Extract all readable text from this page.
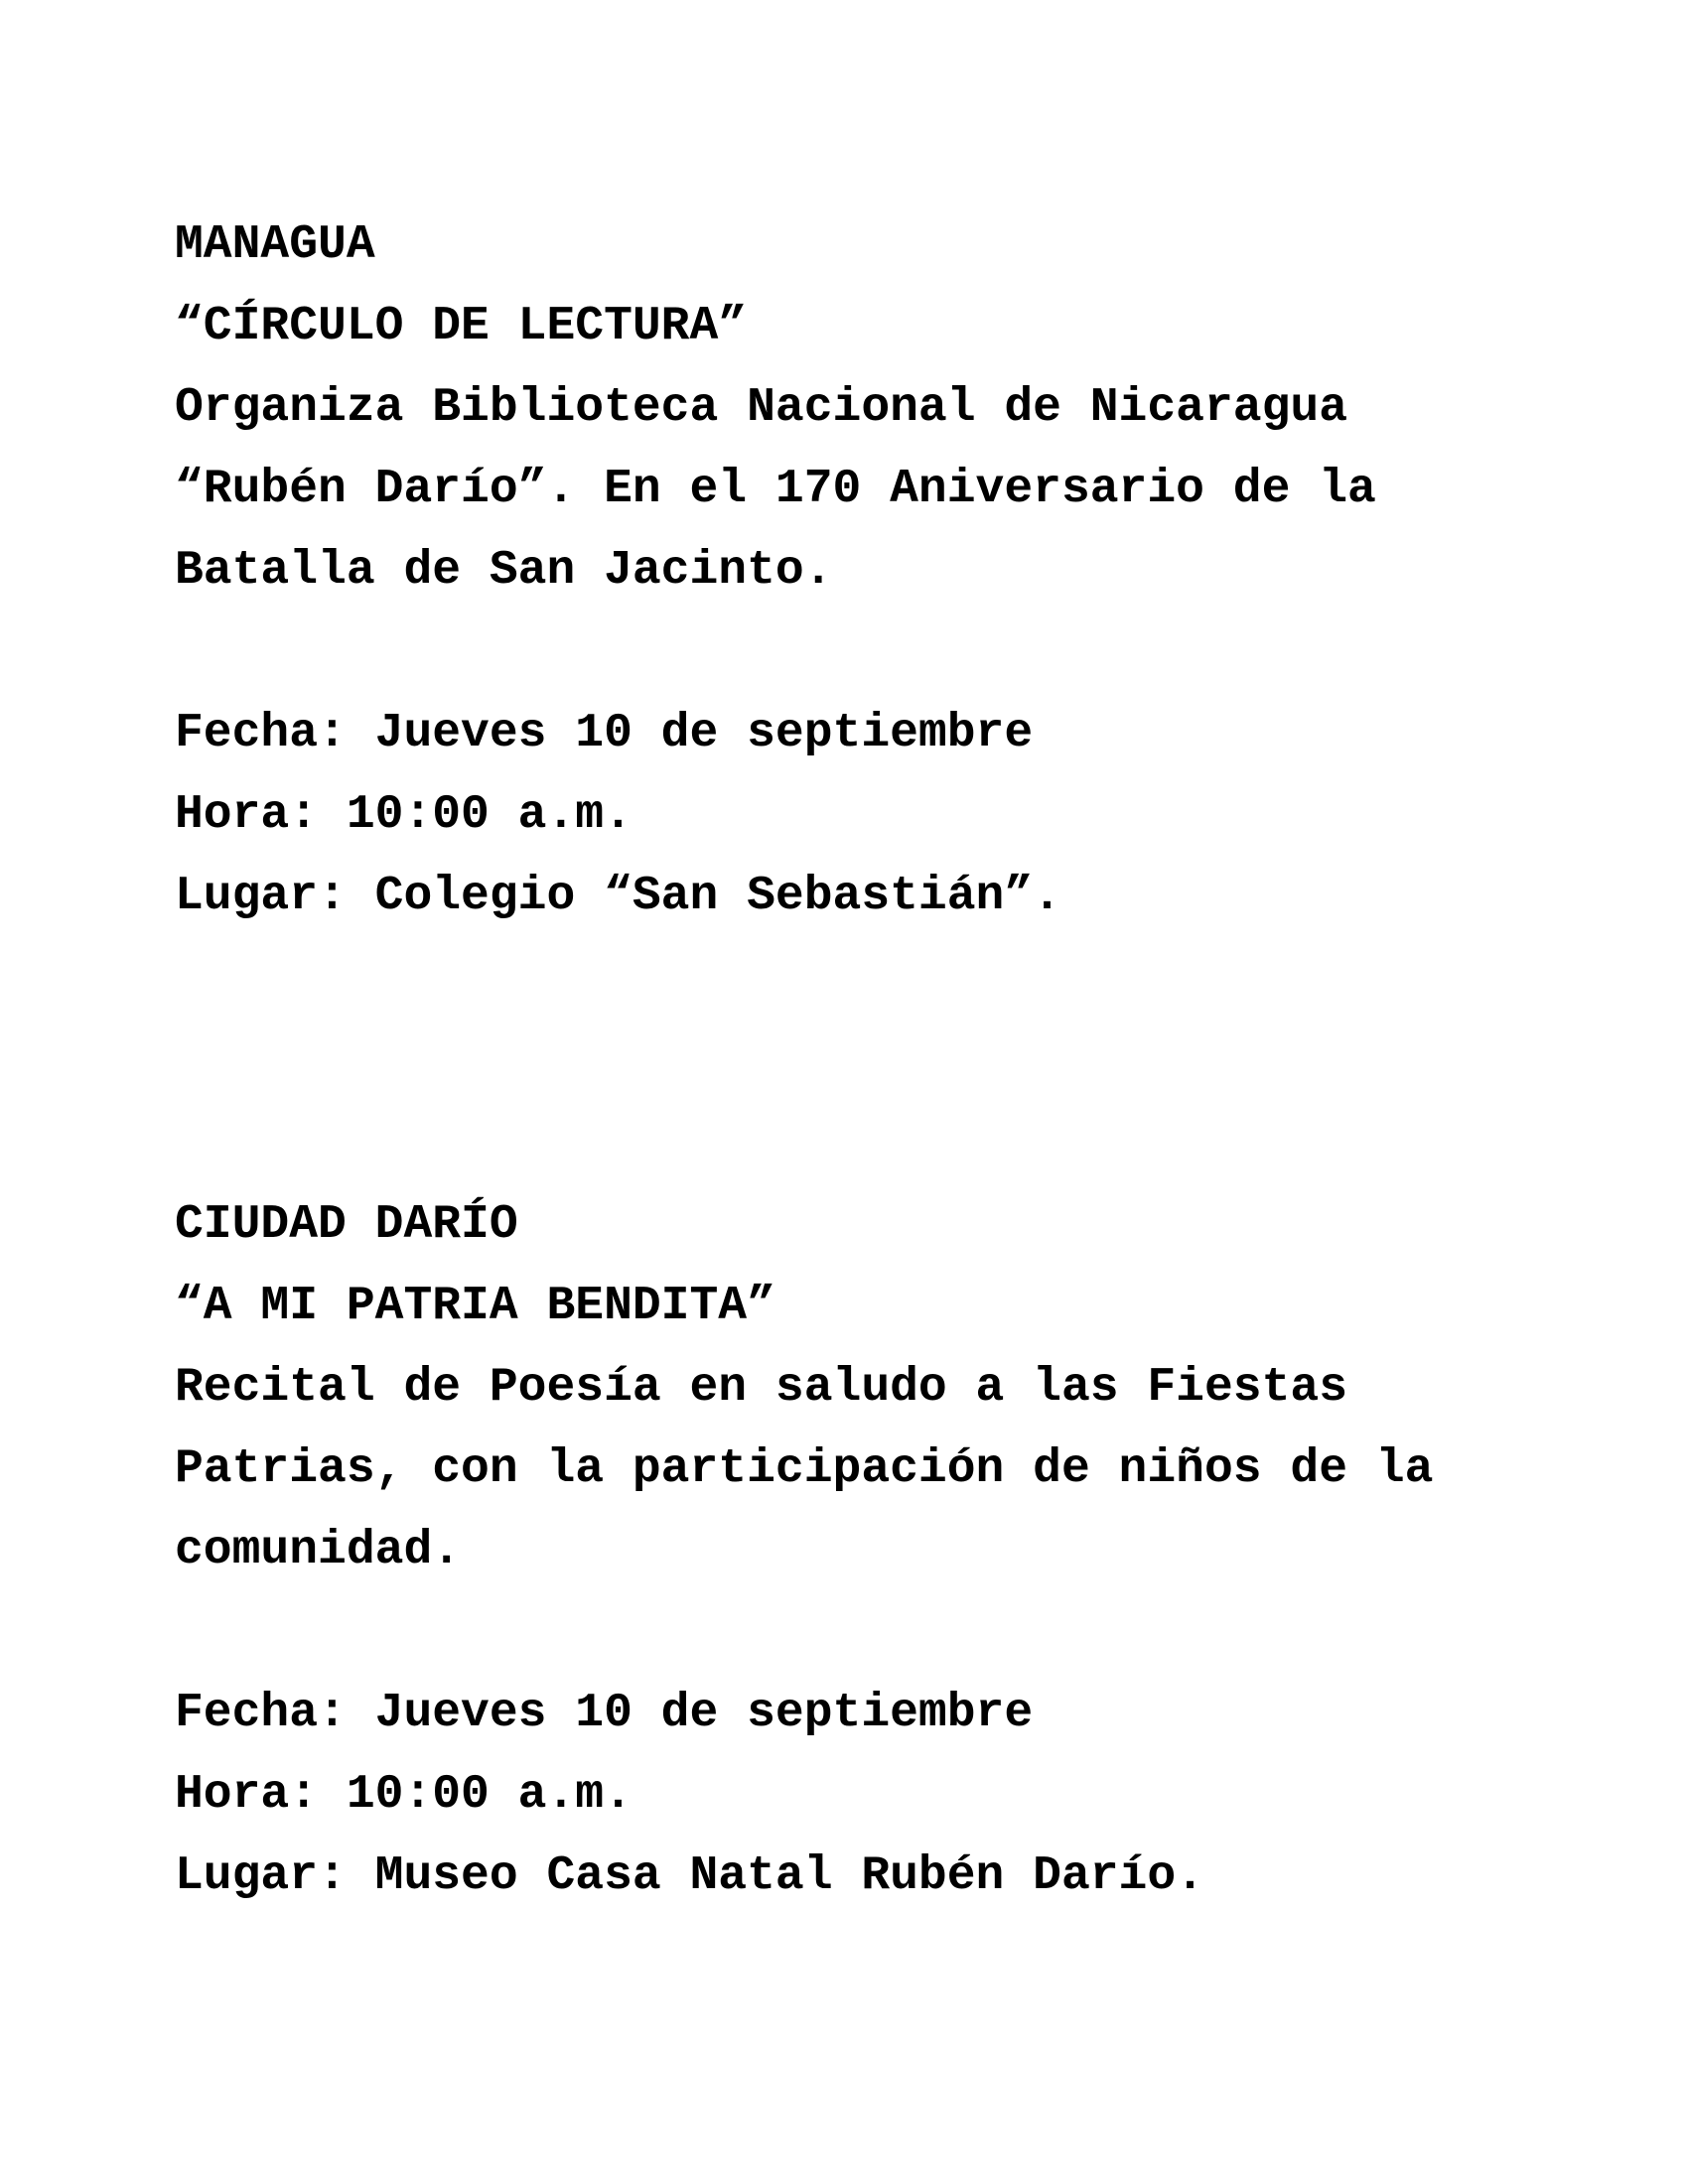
MANAGUA
“CÍRCULO DE LECTURA”
Organiza Biblioteca Nacional de Nicaragua
“Rubén Darío”. En el 170 Aniversario de la
Batalla de San Jacinto.
Fecha: Jueves 10 de septiembre
Hora: 10:00 a.m.
Lugar: Colegio “San Sebastián”.
CIUDAD DARÍO
“A MI PATRIA BENDITA”
Recital de Poesía en saludo a las Fiestas
Patrias, con la participación de niños de la
comunidad.
Fecha: Jueves 10 de septiembre
Hora: 10:00 a.m.
Lugar: Museo Casa Natal Rubén Darío.
